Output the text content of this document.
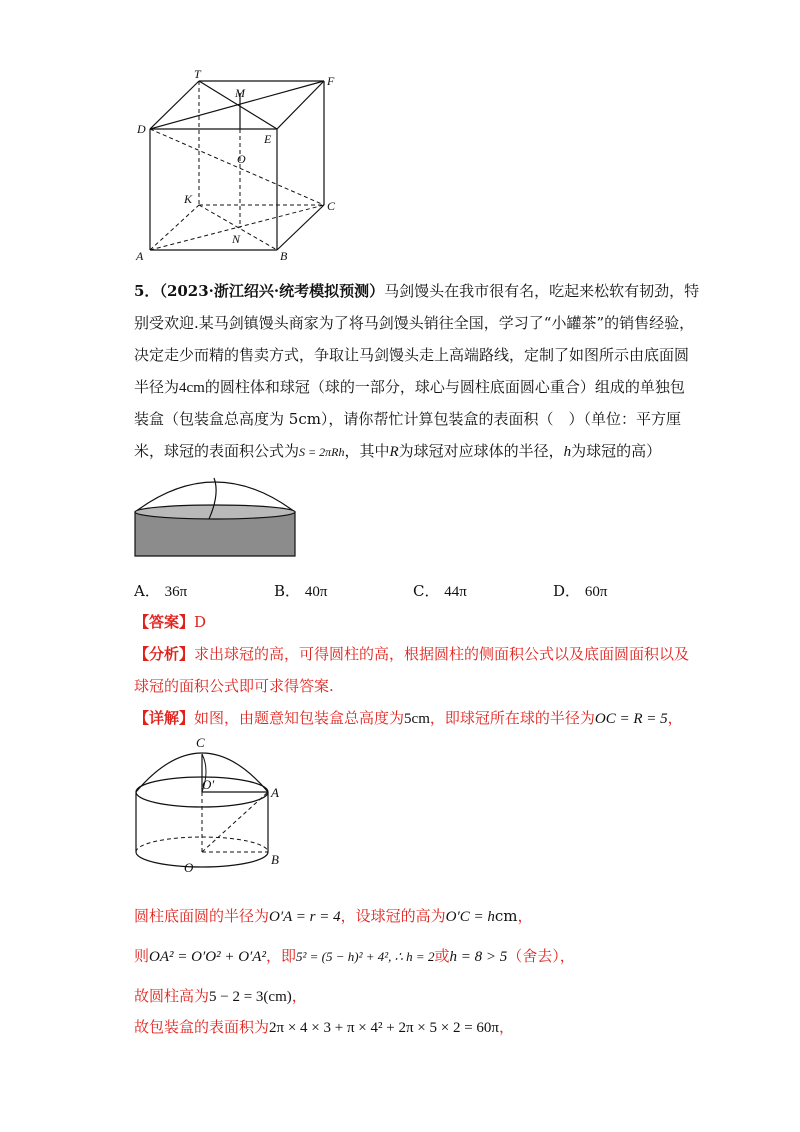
T
M
F
D
E
O
K	C
N
A	B
5．（2023·浙江绍兴·统考模拟预测）马剑馒头在我市很有名，吃起来松软有韧劲，特
别受欢迎.某马剑镇馒头商家为了将马剑馒头销往全国，学习了“小罐茶”的销售经验，
决定走少而精的售卖方式，争取让马剑馒头走上高端路线，定制了如图所示由底面圆
半径为4cm的圆柱体和球冠（球的一部分，球心与圆柱底面圆心重合）组成的单独包
装盒（包装盒总高度为 5cm），请你帮忙计算包装盒的表面积（　）（单位：平方厘
米，球冠的表面积公式为S = 2πRh，其中R为球冠对应球体的半径，h为球冠的高）
A． 36π	B． 40π	C． 44π	D． 60π
【答案】D
【分析】求出球冠的高，可得圆柱的高，根据圆柱的侧面积公式以及底面圆面积以及
球冠的面积公式即可求得答案.
【详解】如图，由题意知包装盒总高度为5cm，即球冠所在球的半径为OC = R = 5，
C
O′
A
O
B
圆柱底面圆的半径为O′A = r = 4，设球冠的高为O′C = hcm，
则OA² = O′O² + O′A²，即5² = (5 − h)² + 4², ∴ h = 2或h = 8 > 5（舍去），
故圆柱高为5 − 2 = 3(cm)，
故包装盒的表面积为2π × 4 × 3 + π × 4² + 2π × 5 × 2 = 60π，
